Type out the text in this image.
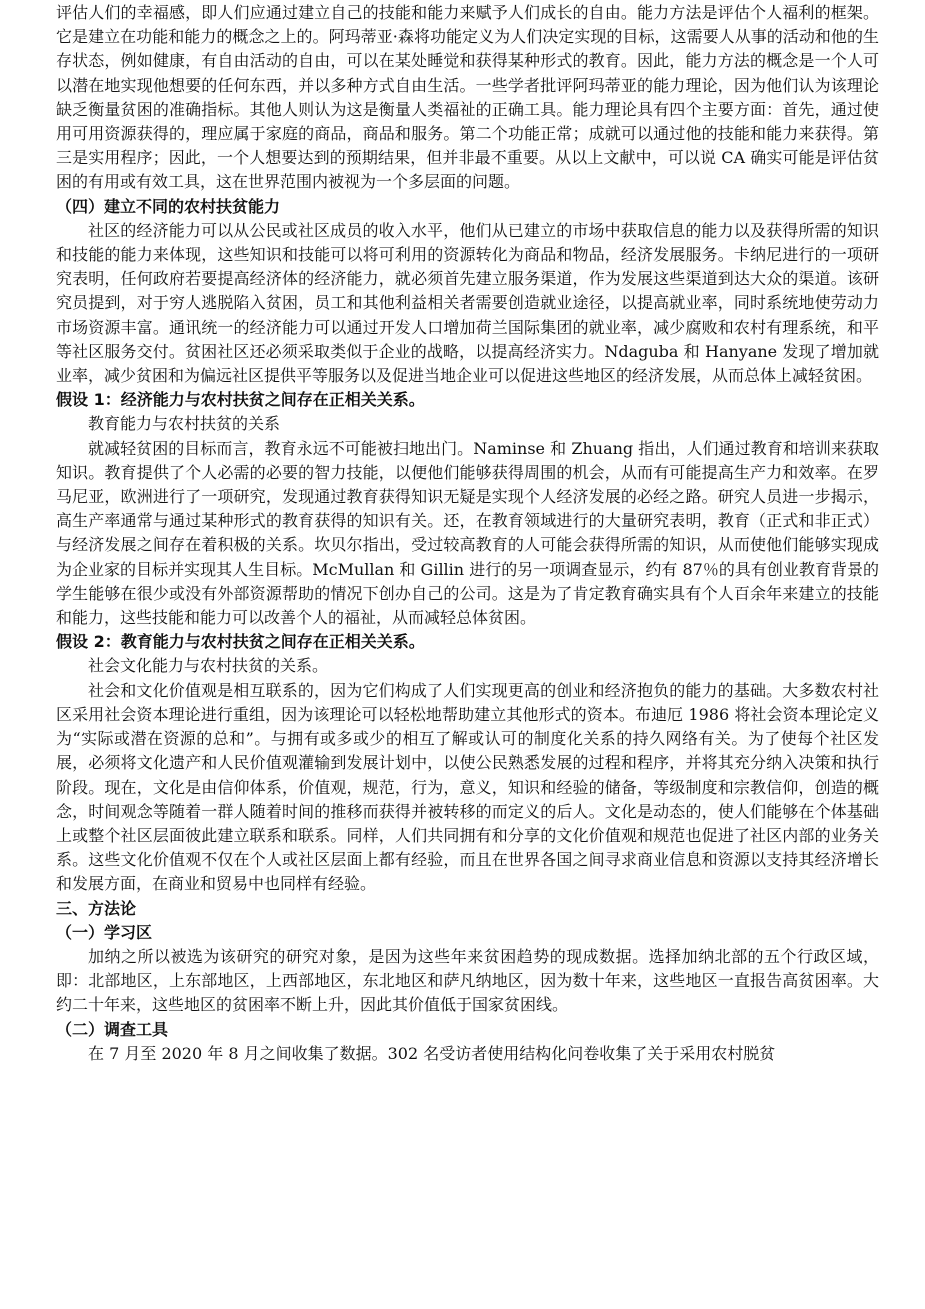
评估人们的幸福感，即人们应通过建立自己的技能和能力来赋予人们成长的自由。能力方法是评估个人福利的框架。它是建立在功能和能力的概念之上的。阿玛蒂亚·森将功能定义为人们决定实现的目标，这需要人从事的活动和他的生存状态，例如健康，有自由活动的自由，可以在某处睡觉和获得某种形式的教育。因此，能力方法的概念是一个人可以潜在地实现他想要的任何东西，并以多种方式自由生活。一些学者批评阿玛蒂亚的能力理论，因为他们认为该理论缺乏衡量贫困的准确指标。其他人则认为这是衡量人类福祉的正确工具。能力理论具有四个主要方面：首先，通过使用可用资源获得的，理应属于家庭的商品，商品和服务。第二个功能正常；成就可以通过他的技能和能力来获得。第三是实用程序；因此，一个人想要达到的预期结果，但并非最不重要。从以上文献中，可以说 CA 确实可能是评估贫困的有用或有效工具，这在世界范围内被视为一个多层面的问题。

（四）建立不同的农村扶贫能力

社区的经济能力可以从公民或社区成员的收入水平，他们从已建立的市场中获取信息的能力以及获得所需的知识和技能的能力来体现，这些知识和技能可以将可利用的资源转化为商品和物品，经济发展服务。卡纳尼进行的一项研究表明，任何政府若要提高经济体的经济能力，就必须首先建立服务渠道，作为发展这些渠道到达大众的渠道。该研究员提到，对于穷人逃脱陷入贫困，员工和其他利益相关者需要创造就业途径，以提高就业率，同时系统地使劳动力市场资源丰富。通讯统一的经济能力可以通过开发人口增加荷兰国际集团的就业率，减少腐败和农村有理系统，和平等社区服务交付。贫困社区还必须采取类似于企业的战略，以提高经济实力。Ndaguba 和 Hanyane 发现了增加就业率，减少贫困和为偏远社区提供平等服务以及促进当地企业可以促进这些地区的经济发展，从而总体上减轻贫困。

假设 1：经济能力与农村扶贫之间存在正相关关系。

教育能力与农村扶贫的关系

就减轻贫困的目标而言，教育永远不可能被扫地出门。Naminse 和 Zhuang 指出，人们通过教育和培训来获取知识。教育提供了个人必需的必要的智力技能，以便他们能够获得周围的机会，从而有可能提高生产力和效率。在罗马尼亚，欧洲进行了一项研究，发现通过教育获得知识无疑是实现个人经济发展的必经之路。研究人员进一步揭示，高生产率通常与通过某种形式的教育获得的知识有关。还，在教育领域进行的大量研究表明，教育（正式和非正式）与经济发展之间存在着积极的关系。坎贝尔指出，受过较高教育的人可能会获得所需的知识，从而使他们能够实现成为企业家的目标并实现其人生目标。McMullan 和 Gillin 进行的另一项调查显示，约有 87％的具有创业教育背景的学生能够在很少或没有外部资源帮助的情况下创办自己的公司。这是为了肯定教育确实具有个人百余年来建立的技能和能力，这些技能和能力可以改善个人的福祉，从而减轻总体贫困。

假设 2：教育能力与农村扶贫之间存在正相关关系。

社会文化能力与农村扶贫的关系。

社会和文化价值观是相互联系的，因为它们构成了人们实现更高的创业和经济抱负的能力的基础。大多数农村社区采用社会资本理论进行重组，因为该理论可以轻松地帮助建立其他形式的资本。布迪厄 1986 将社会资本理论定义为“实际或潜在资源的总和”。与拥有或多或少的相互了解或认可的制度化关系的持久网络有关。为了使每个社区发展，必须将文化遗产和人民价值观灌输到发展计划中，以使公民熟悉发展的过程和程序，并将其充分纳入决策和执行阶段。现在，文化是由信仰体系，价值观，规范，行为，意义，知识和经验的储备，等级制度和宗教信仰，创造的概念，时间观念等随着一群人随着时间的推移而获得并被转移的而定义的后人。文化是动态的，使人们能够在个体基础上或整个社区层面彼此建立联系和联系。同样，人们共同拥有和分享的文化价值观和规范也促进了社区内部的业务关系。这些文化价值观不仅在个人或社区层面上都有经验，而且在世界各国之间寻求商业信息和资源以支持其经济增长和发展方面，在商业和贸易中也同样有经验。

三、方法论

（一）学习区

加纳之所以被选为该研究的研究对象，是因为这些年来贫困趋势的现成数据。选择加纳北部的五个行政区域，即：北部地区，上东部地区，上西部地区，东北地区和萨凡纳地区，因为数十年来，这些地区一直报告高贫困率。大约二十年来，这些地区的贫困率不断上升，因此其价值低于国家贫困线。

（二）调查工具

在 7 月至 2020 年 8 月之间收集了数据。302 名受访者使用结构化问卷收集了关于采用农村脱贫
